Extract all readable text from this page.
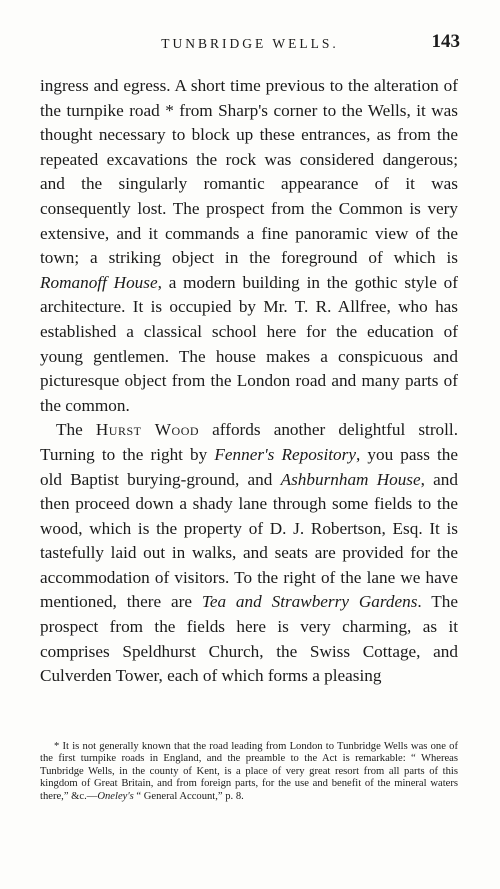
TUNBRIDGE WELLS.	143

ingress and egress. A short time previous to the alteration of the turnpike road * from Sharp's corner to the Wells, it was thought necessary to block up these entrances, as from the repeated excavations the rock was considered dangerous; and the singularly romantic appearance of it was consequently lost. The prospect from the Common is very extensive, and it commands a fine panoramic view of the town; a striking object in the foreground of which is Romanoff House, a modern building in the gothic style of architecture. It is occupied by Mr. T. R. Allfree, who has established a classical school here for the education of young gentlemen. The house makes a conspicuous and picturesque object from the London road and many parts of the common.

The Hurst Wood affords another delightful stroll. Turning to the right by Fenner's Repository, you pass the old Baptist burying-ground, and Ashburnham House, and then proceed down a shady lane through some fields to the wood, which is the property of D. J. Robertson, Esq. It is tastefully laid out in walks, and seats are provided for the accommodation of visitors. To the right of the lane we have mentioned, there are Tea and Strawberry Gardens. The prospect from the fields here is very charming, as it comprises Speldhurst Church, the Swiss Cottage, and Culverden Tower, each of which forms a pleasing

* It is not generally known that the road leading from London to Tunbridge Wells was one of the first turnpike roads in England, and the preamble to the Act is remarkable: “ Whereas Tunbridge Wells, in the county of Kent, is a place of very great resort from all parts of this kingdom of Great Britain, and from foreign parts, for the use and benefit of the mineral waters there,” &c.—Oneley's “ General Account,” p. 8.
